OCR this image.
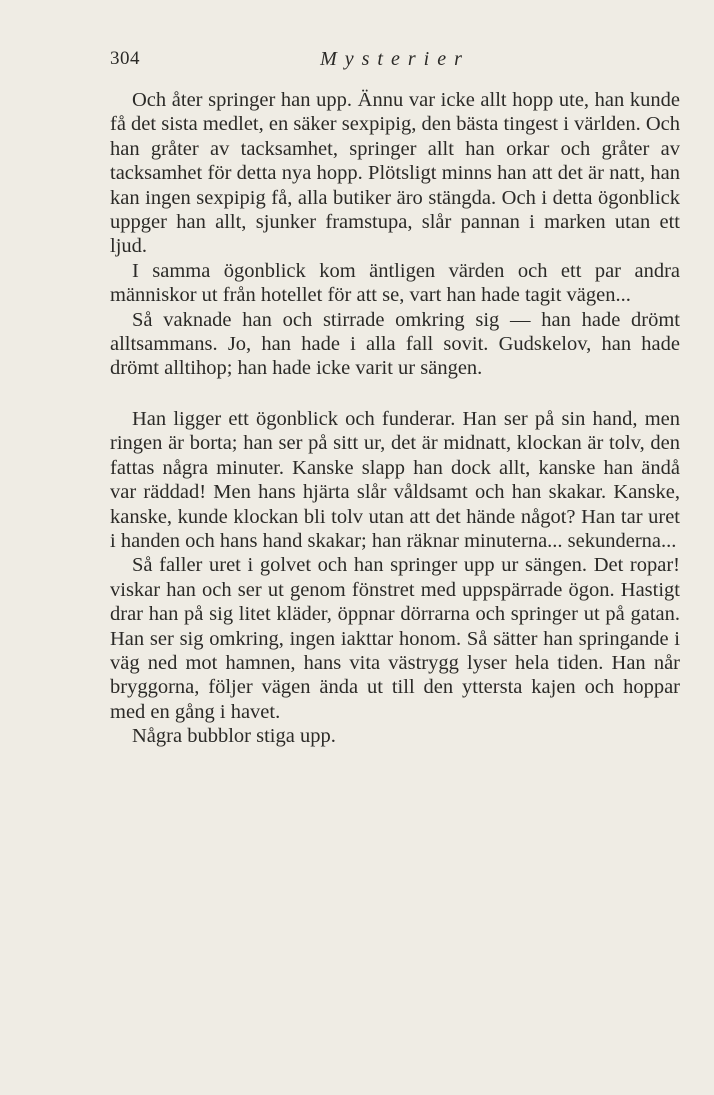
304	Mysterier

Och åter springer han upp. Ännu var icke allt hopp ute, han kunde få det sista medlet, en säker sexpipig, den bästa tingest i världen. Och han gråter av tacksamhet, springer allt han orkar och gråter av tacksamhet för detta nya hopp. Plötsligt minns han att det är natt, han kan ingen sexpipig få, alla butiker äro stängda. Och i detta ögonblick uppger han allt, sjunker framstupa, slår pannan i marken utan ett ljud.

I samma ögonblick kom äntligen värden och ett par andra människor ut från hotellet för att se, vart han hade tagit vägen...

Så vaknade han och stirrade omkring sig — han hade drömt alltsammans. Jo, han hade i alla fall sovit. Gudskelov, han hade drömt alltihop; han hade icke varit ur sängen.

Han ligger ett ögonblick och funderar. Han ser på sin hand, men ringen är borta; han ser på sitt ur, det är midnatt, klockan är tolv, den fattas några minuter. Kanske slapp han dock allt, kanske han ändå var räddad! Men hans hjärta slår våldsamt och han skakar. Kanske, kanske, kunde klockan bli tolv utan att det hände något? Han tar uret i handen och hans hand skakar; han räknar minuterna... sekunderna...

Så faller uret i golvet och han springer upp ur sängen. Det ropar! viskar han och ser ut genom fönstret med uppspärrade ögon. Hastigt drar han på sig litet kläder, öppnar dörrarna och springer ut på gatan. Han ser sig omkring, ingen iakttar honom. Så sätter han springande i väg ned mot hamnen, hans vita västrygg lyser hela tiden. Han når bryggorna, följer vägen ända ut till den yttersta kajen och hoppar med en gång i havet.

Några bubblor stiga upp.
